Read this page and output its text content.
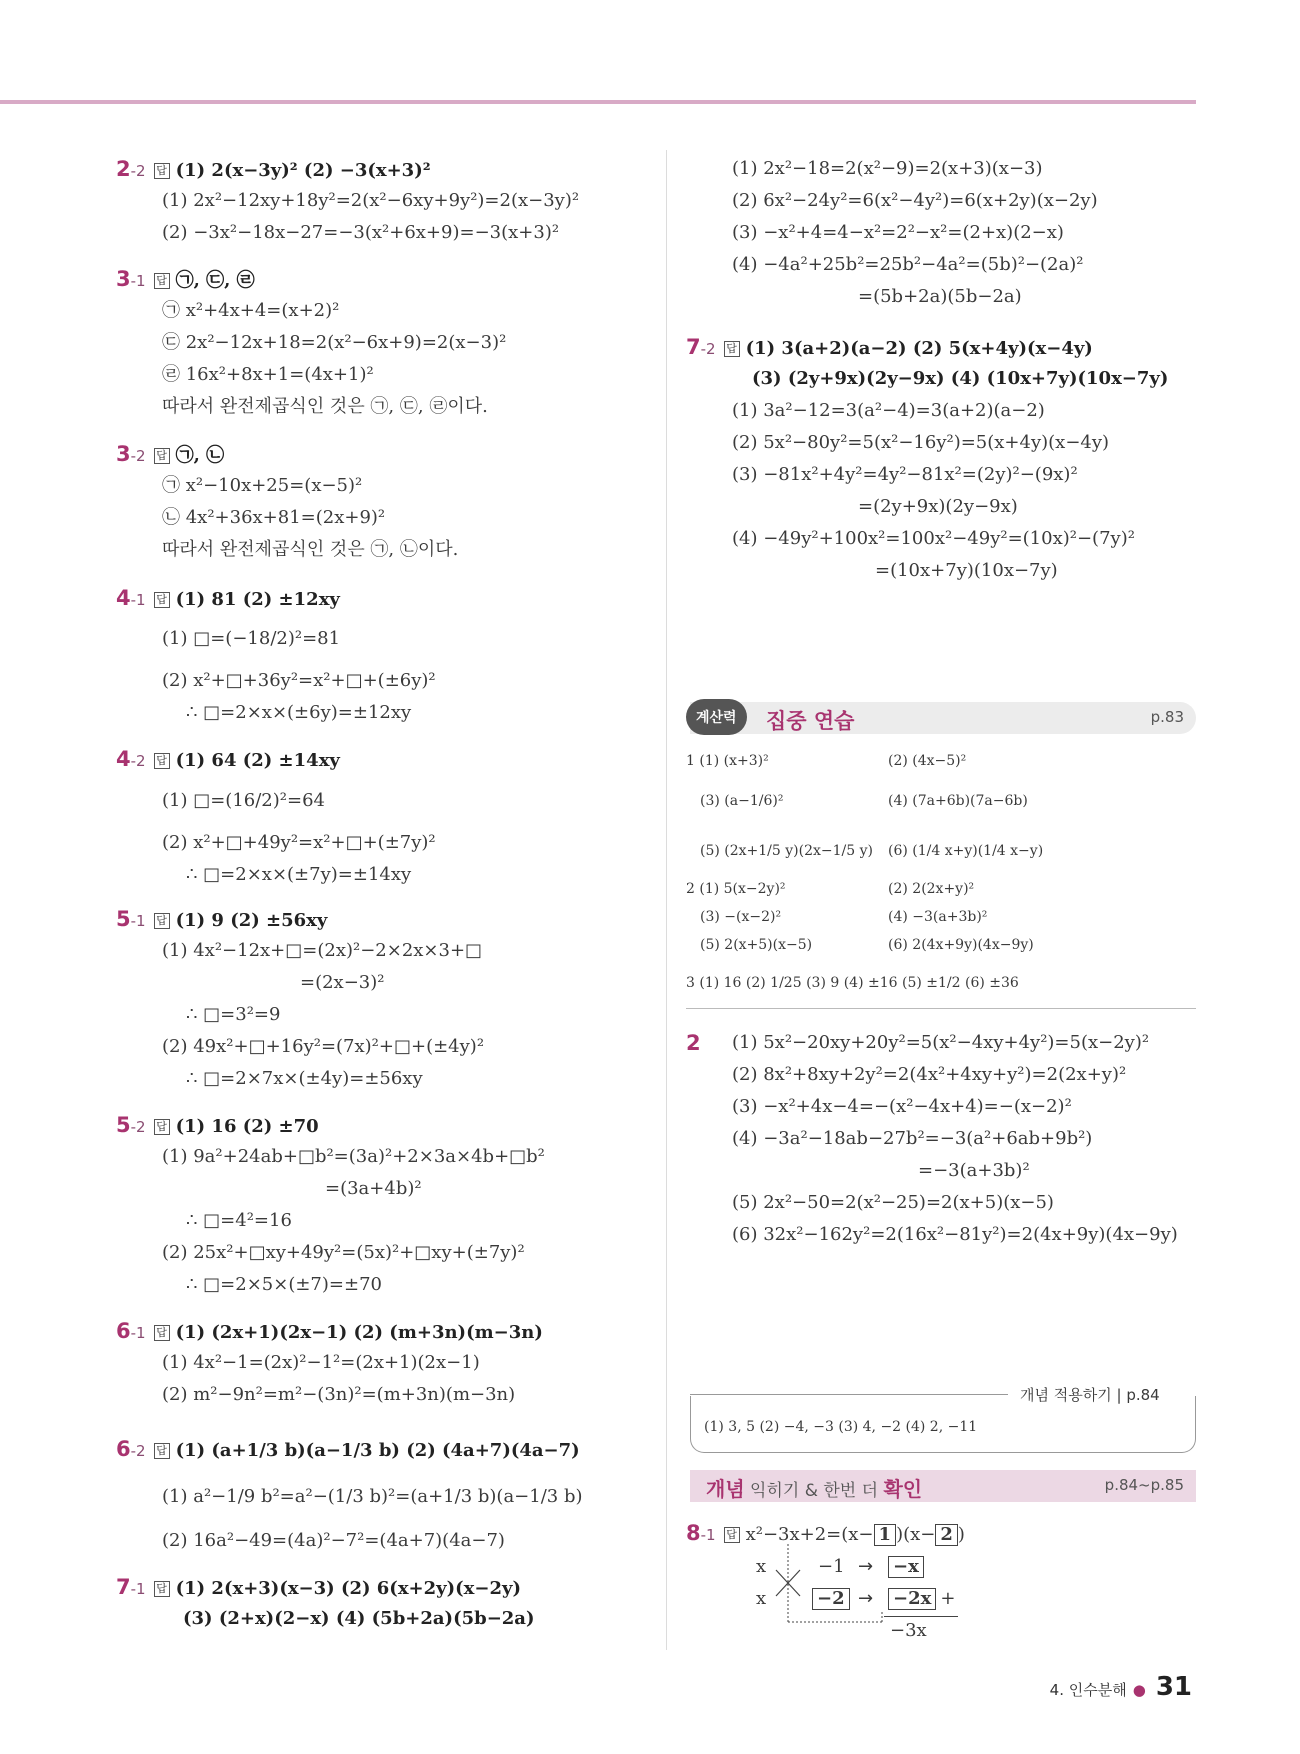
2-2 답 (1) 2(x−3y)² (2) −3(x+3)²
(1) 2x²−12xy+18y²=2(x²−6xy+9y²)=2(x−3y)²
(2) −3x²−18x−27=−3(x²+6x+9)=−3(x+3)²
3-1 답 ㉠, ㉢, ㉣
㉠ x²+4x+4=(x+2)²
㉢ 2x²−12x+18=2(x²−6x+9)=2(x−3)²
㉣ 16x²+8x+1=(4x+1)²
따라서 완전제곱식인 것은 ㉠, ㉢, ㉣이다.
3-2 답 ㉠, ㉡
㉠ x²−10x+25=(x−5)²
㉡ 4x²+36x+81=(2x+9)²
따라서 완전제곱식인 것은 ㉠, ㉡이다.
4-1 답 (1) 81 (2) ±12xy
(1) □=(−18/2)²=81
(2) x²+□+36y²=x²+□+(±6y)²
∴ □=2×x×(±6y)=±12xy
4-2 답 (1) 64 (2) ±14xy
(1) □=(16/2)²=64
(2) x²+□+49y²=x²+□+(±7y)²
∴ □=2×x×(±7y)=±14xy
5-1 답 (1) 9 (2) ±56xy
(1) 4x²−12x+□=(2x)²−2×2x×3+□
=(2x−3)²
∴ □=3²=9
(2) 49x²+□+16y²=(7x)²+□+(±4y)²
∴ □=2×7x×(±4y)=±56xy
5-2 답 (1) 16 (2) ±70
(1) 9a²+24ab+□b²=(3a)²+2×3a×4b+□b²
=(3a+4b)²
∴ □=4²=16
(2) 25x²+□xy+49y²=(5x)²+□xy+(±7y)²
∴ □=2×5×(±7)=±70
6-1 답 (1) (2x+1)(2x−1) (2) (m+3n)(m−3n)
(1) 4x²−1=(2x)²−1²=(2x+1)(2x−1)
(2) m²−9n²=m²−(3n)²=(m+3n)(m−3n)
6-2 답 (1) (a+1/3 b)(a−1/3 b) (2) (4a+7)(4a−7)
(1) a²−1/9 b²=a²−(1/3 b)²=(a+1/3 b)(a−1/3 b)
(2) 16a²−49=(4a)²−7²=(4a+7)(4a−7)
7-1 답 (1) 2(x+3)(x−3) (2) 6(x+2y)(x−2y)
(3) (2+x)(2−x) (4) (5b+2a)(5b−2a)
(1) 2x²−18=2(x²−9)=2(x+3)(x−3)
(2) 6x²−24y²=6(x²−4y²)=6(x+2y)(x−2y)
(3) −x²+4=4−x²=2²−x²=(2+x)(2−x)
(4) −4a²+25b²=25b²−4a²=(5b)²−(2a)²
=(5b+2a)(5b−2a)
7-2 답 (1) 3(a+2)(a−2) (2) 5(x+4y)(x−4y)
(3) (2y+9x)(2y−9x) (4) (10x+7y)(10x−7y)
(1) 3a²−12=3(a²−4)=3(a+2)(a−2)
(2) 5x²−80y²=5(x²−16y²)=5(x+4y)(x−4y)
(3) −81x²+4y²=4y²−81x²=(2y)²−(9x)²
=(2y+9x)(2y−9x)
(4) −49y²+100x²=100x²−49y²=(10x)²−(7y)²
=(10x+7y)(10x−7y)
계산력	집중 연습	p.83
1 (1) (x+3)²	(2) (4x−5)²
(3) (a−1/6)²	(4) (7a+6b)(7a−6b)
(5) (2x+1/5 y)(2x−1/5 y) (6) (1/4 x+y)(1/4 x−y)
2 (1) 5(x−2y)²	(2) 2(2x+y)²
(3) −(x−2)²	(4) −3(a+3b)²
(5) 2(x+5)(x−5)	(6) 2(4x+9y)(4x−9y)
3 (1) 16 (2) 1/25 (3) 9 (4) ±16 (5) ±1/2 (6) ±36
2 (1) 5x²−20xy+20y²=5(x²−4xy+4y²)=5(x−2y)²
(2) 8x²+8xy+2y²=2(4x²+4xy+y²)=2(2x+y)²
(3) −x²+4x−4=−(x²−4x+4)=−(x−2)²
(4) −3a²−18ab−27b²=−3(a²+6ab+9b²)
=−3(a+3b)²
(5) 2x²−50=2(x²−25)=2(x+5)(x−5)
(6) 32x²−162y²=2(16x²−81y²)=2(4x+9y)(4x−9y)
개념 적용하기 | p.84
(1) 3, 5 (2) −4, −3 (3) 4, −2 (4) 2, −11
개념 익히기 & 한번 더 확인	p.84~p.85
8-1 답 x²−3x+2=(x− 1 )(x− 2 )
x
x
−1
−2
→
→
−x
−2x +
−3x
4. 인수분해 ● 31
